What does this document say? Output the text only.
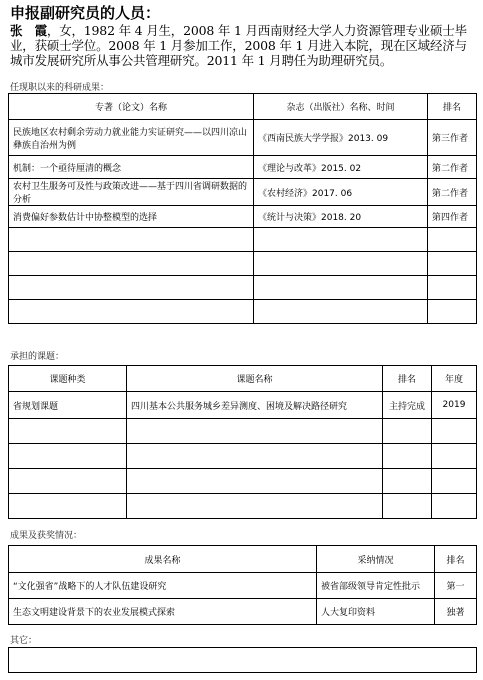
申报副研究员的人员：
张　霞，女，1982 年 4 月生，2008 年 1 月西南财经大学人力资源管理专业硕士毕业，获硕士学位。2008 年 1 月参加工作，2008 年 1 月进入本院，现在区域经济与城市发展研究所从事公共管理研究。2011 年 1 月聘任为助理研究员。
任现职以来的科研成果：
专著（论文）名称	杂志（出版社）名称、时间	排名
民族地区农村剩余劳动力就业能力实证研究——以四川凉山彝族自治州为例	《西南民族大学学报》2013. 09	第三作者
机制：一个亟待厘清的概念	《理论与改革》2015. 02	第二作者
农村卫生服务可及性与政策改进——基于四川省调研数据的分析	《农村经济》2017. 06	第二作者
消费偏好参数估计中协整模型的选择	《统计与决策》2018. 20	第四作者

承担的课题：
课题种类	课题名称	排名	年度
省规划课题	四川基本公共服务城乡差异测度、困境及解决路径研究	主持完成	2019

成果及获奖情况：
成果名称	采纳情况	排名
“文化强省”战略下的人才队伍建设研究	被省部级领导肯定性批示	第一
生态文明建设背景下的农业发展模式探索	人大复印资料	独著
其它：
